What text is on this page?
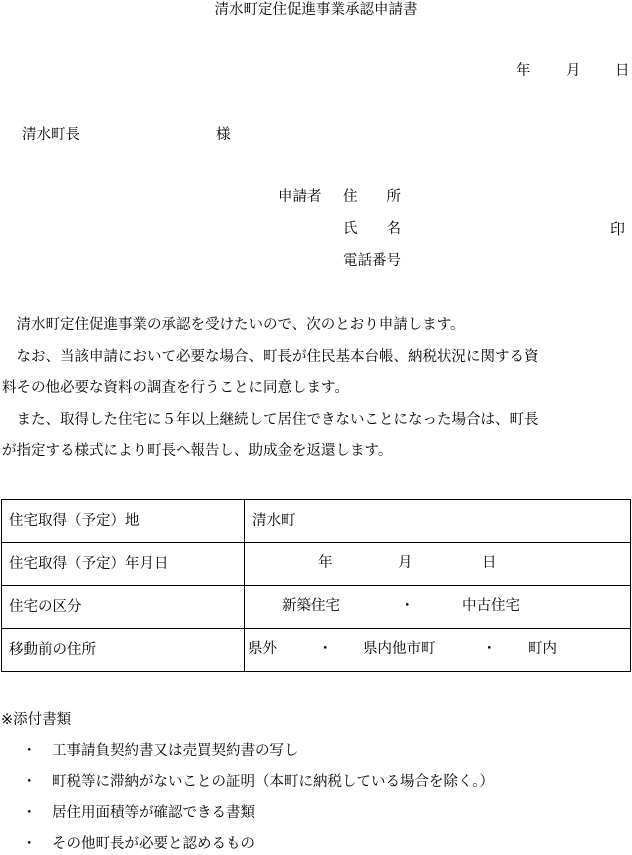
清水町定住促進事業承認申請書
年 月 日
清水町長	様
申請者 住　　所
氏　　名	印
電話番号
　清水町定住促進事業の承認を受けたいので、次のとおり申請します。
　なお、当該申請において必要な場合、町長が住民基本台帳、納税状況に関する資
料その他必要な資料の調査を行うことに同意します。
　また、取得した住宅に５年以上継続して居住できないことになった場合は、町長
が指定する様式により町長へ報告し、助成金を返還します。
住宅取得（予定）地	清水町
住宅取得（予定）年月日	年 月 日

住宅の区分	新築住宅 ・ 中古住宅

移動前の住所	県外 ・ 県内他市町 ・ 町内
※添付書類
・ 工事請負契約書又は売買契約書の写し
・ 町税等に滞納がないことの証明（本町に納税している場合を除く。）
・ 居住用面積等が確認できる書類
・ その他町長が必要と認めるもの
